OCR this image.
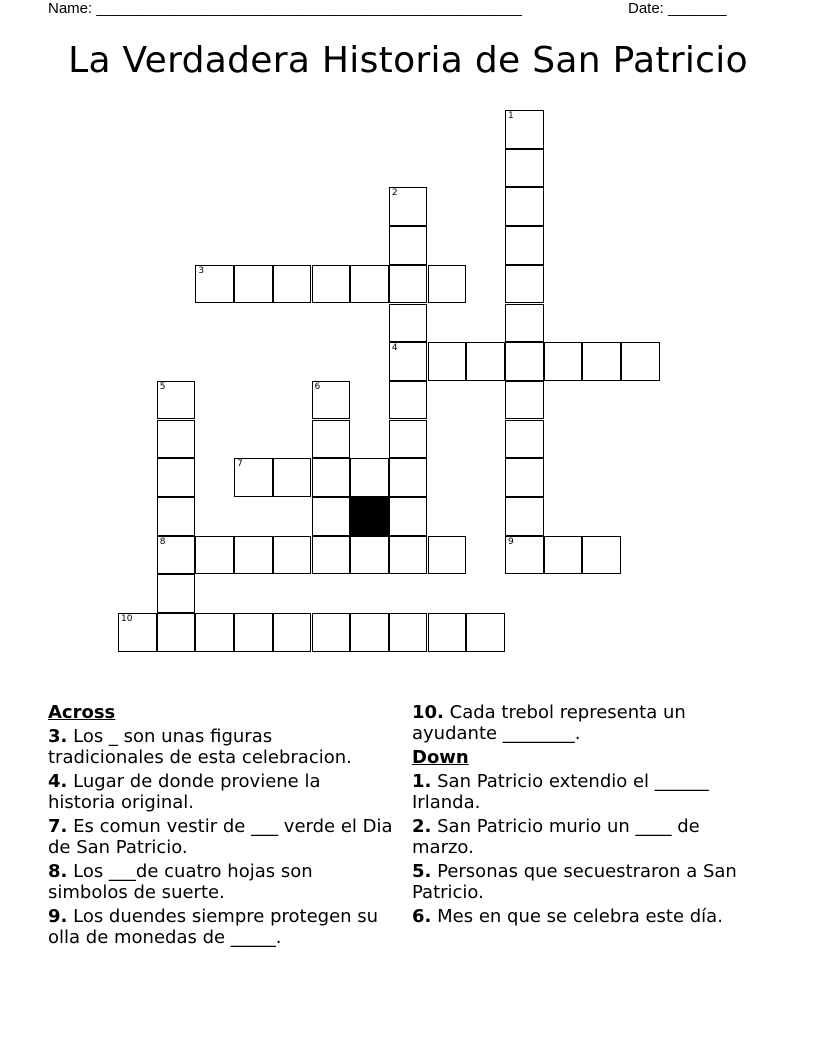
Name: ___________________________________________________	Date: _______
La Verdadera Historia de San Patricio
1
2
4
3
5
8
6
7
9
10
Across
3. Los _ son unas figuras tradicionales de esta celebracion.
4. Lugar de donde proviene la historia original.
7. Es comun vestir de ___ verde el Dia de San Patricio.
8. Los ___de cuatro hojas son simbolos de suerte.
9. Los duendes siempre protegen su olla de monedas de _____.
10. Cada trebol representa un ayudante ________.
Down
1. San Patricio extendio el ______ Irlanda.
2. San Patricio murio un ____ de marzo.
5. Personas que secuestraron a San Patricio.
6. Mes en que se celebra este día.
